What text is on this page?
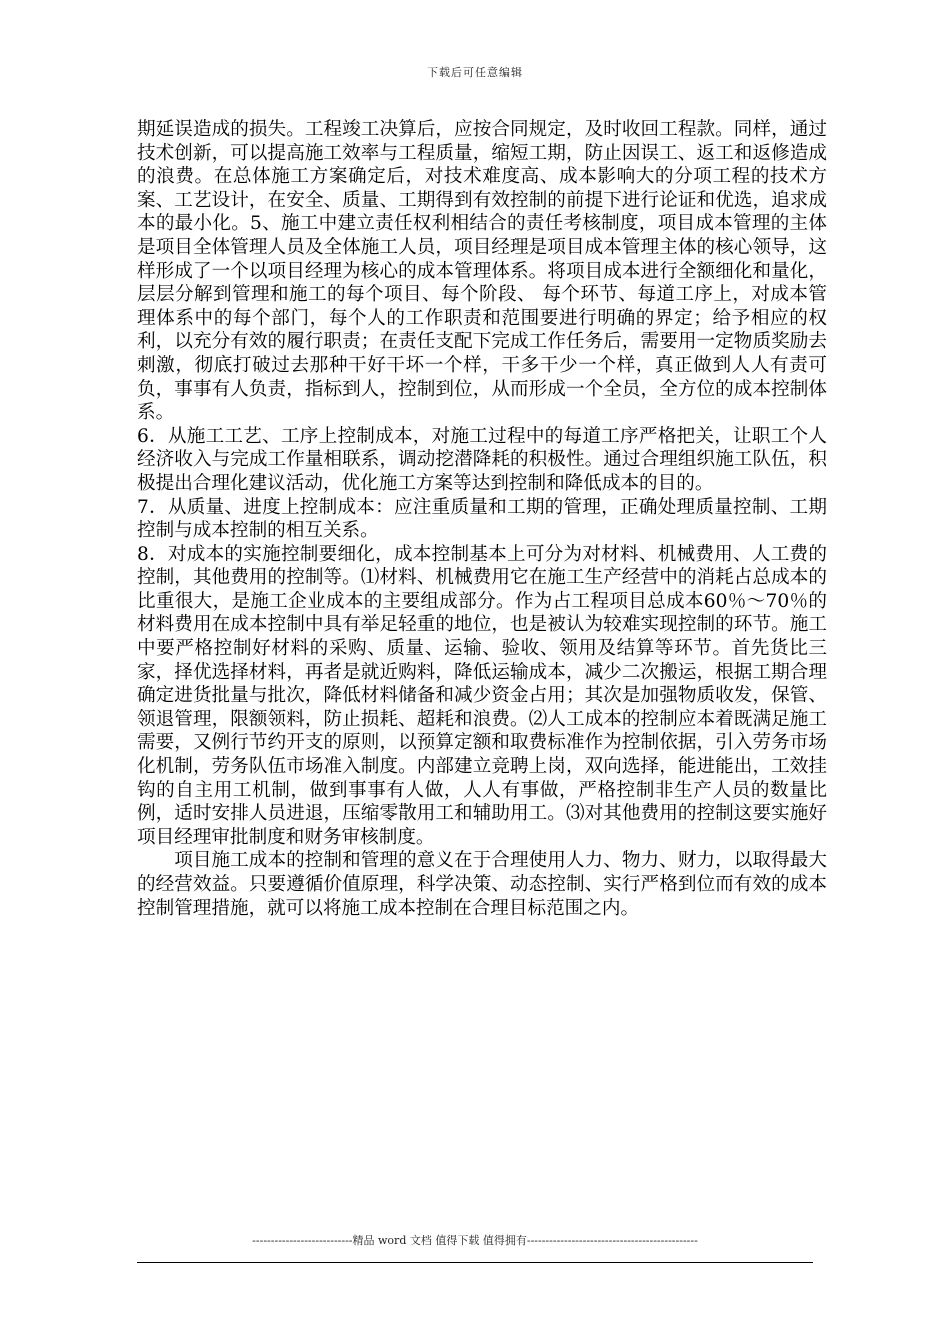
下载后可任意编辑

期延误造成的损失。工程竣工决算后，应按合同规定，及时收回工程款。同样，通过技术创新，可以提高施工效率与工程质量，缩短工期，防止因误工、返工和返修造成的浪费。在总体施工方案确定后，对技术难度高、成本影响大的分项工程的技术方案、工艺设计，在安全、质量、工期得到有效控制的前提下进行论证和优选，追求成本的最小化。5、施工中建立责任权利相结合的责任考核制度，项目成本管理的主体是项目全体管理人员及全体施工人员，项目经理是项目成本管理主体的核心领导，这样形成了一个以项目经理为核心的成本管理体系。将项目成本进行全额细化和量化，层层分解到管理和施工的每个项目、每个阶段、 每个环节、每道工序上，对成本管理体系中的每个部门，每个人的工作职责和范围要进行明确的界定；给予相应的权利，以充分有效的履行职责；在责任支配下完成工作任务后，需要用一定物质奖励去刺激，彻底打破过去那种干好干坏一个样，干多干少一个样，真正做到人人有责可负，事事有人负责，指标到人，控制到位，从而形成一个全员，全方位的成本控制体系。

6．从施工工艺、工序上控制成本，对施工过程中的每道工序严格把关，让职工个人经济收入与完成工作量相联系，调动挖潜降耗的积极性。通过合理组织施工队伍，积极提出合理化建议活动，优化施工方案等达到控制和降低成本的目的。

7．从质量、进度上控制成本：应注重质量和工期的管理，正确处理质量控制、工期控制与成本控制的相互关系。

8．对成本的实施控制要细化，成本控制基本上可分为对材料、机械费用、人工费的控制，其他费用的控制等。⑴材料、机械费用它在施工生产经营中的消耗占总成本的比重很大，是施工企业成本的主要组成部分。作为占工程项目总成本60％～70％的材料费用在成本控制中具有举足轻重的地位，也是被认为较难实现控制的环节。施工中要严格控制好材料的采购、质量、运输、验收、领用及结算等环节。首先货比三家，择优选择材料，再者是就近购料，降低运输成本，减少二次搬运，根据工期合理确定进货批量与批次，降低材料储备和减少资金占用；其次是加强物质收发，保管、领退管理，限额领料，防止损耗、超耗和浪费。⑵人工成本的控制应本着既满足施工需要，又例行节约开支的原则，以预算定额和取费标准作为控制依据，引入劳务市场化机制，劳务队伍市场准入制度。内部建立竞聘上岗，双向选择，能进能出，工效挂钩的自主用工机制，做到事事有人做，人人有事做，严格控制非生产人员的数量比例，适时安排人员进退，压缩零散用工和辅助用工。⑶对其他费用的控制这要实施好项目经理审批制度和财务审核制度。

项目施工成本的控制和管理的意义在于合理使用人力、物力、财力，以取得最大的经营效益。只要遵循价值原理，科学决策、动态控制、实行严格到位而有效的成本控制管理措施，就可以将施工成本控制在合理目标范围之内。

---------------------------精品 word 文档 值得下载 值得拥有----------------------------------------------
